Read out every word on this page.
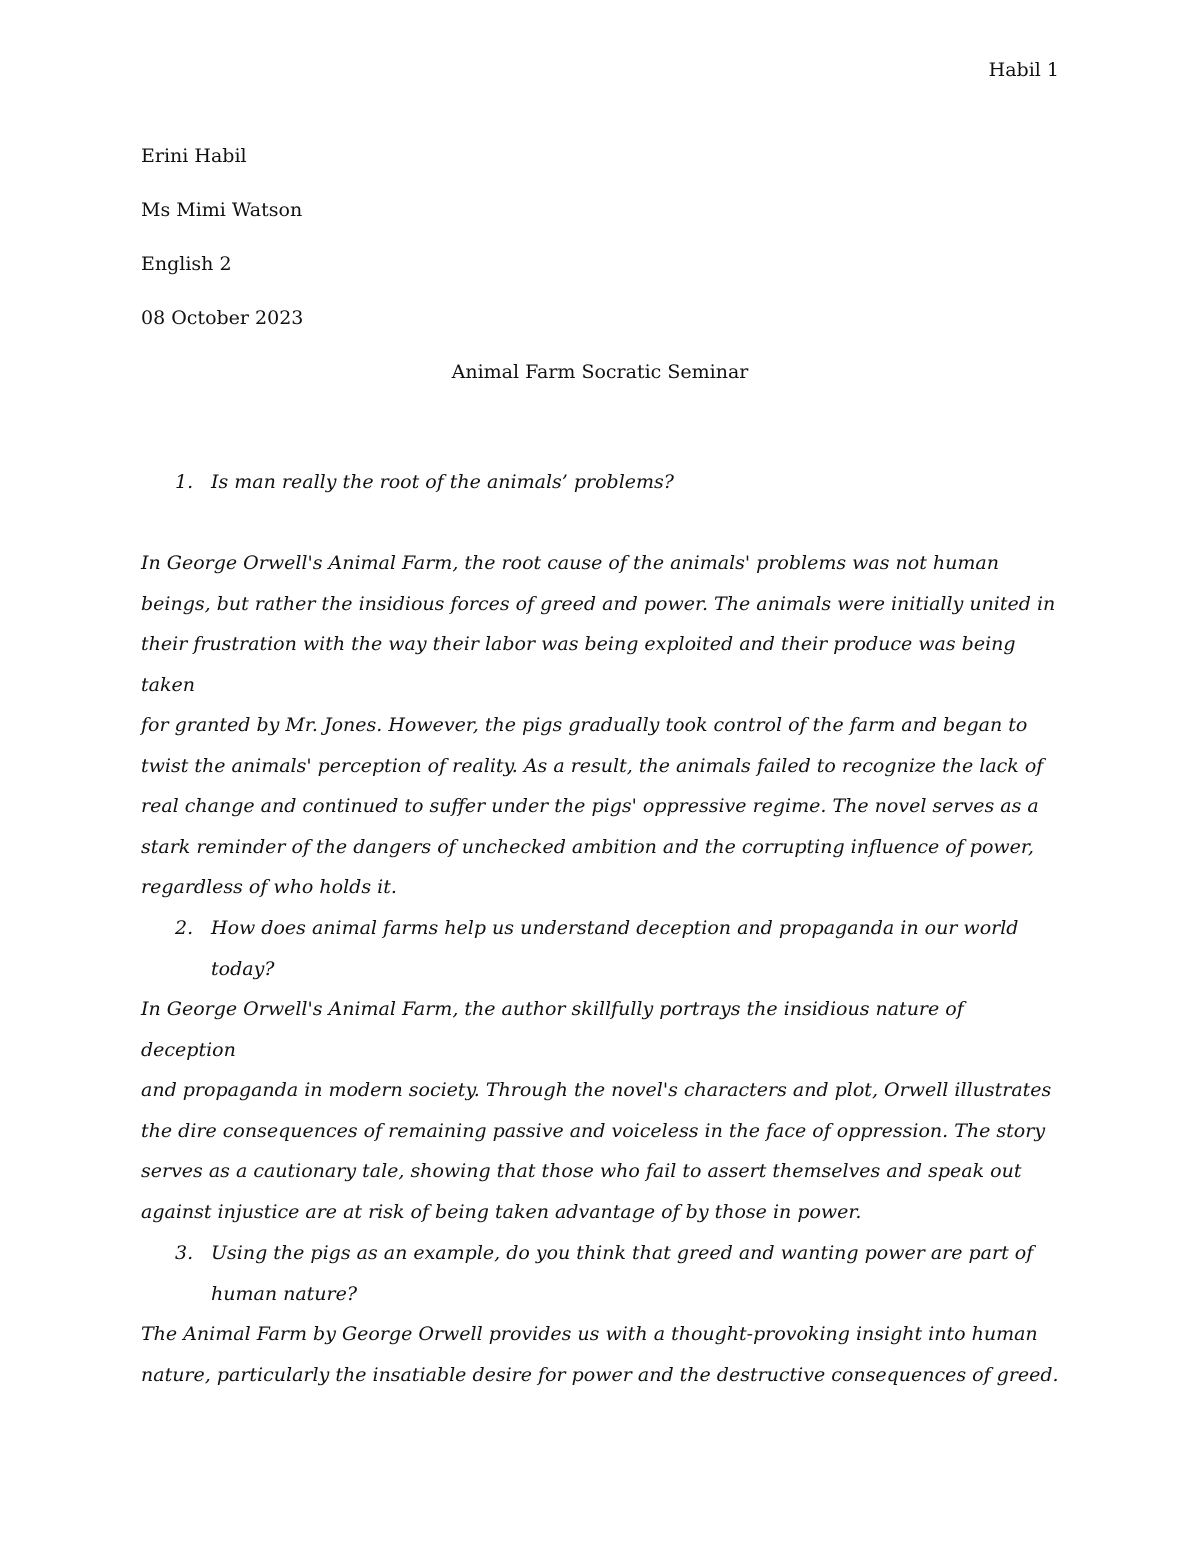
Habil 1
Erini Habil
Ms Mimi Watson
English 2
08 October 2023
Animal Farm Socratic Seminar
1. Is man really the root of the animals’ problems?
In George Orwell's Animal Farm, the root cause of the animals' problems was not human
beings, but rather the insidious forces of greed and power. The animals were initially united in
their frustration with the way their labor was being exploited and their produce was being taken
for granted by Mr. Jones. However, the pigs gradually took control of the farm and began to
twist the animals' perception of reality. As a result, the animals failed to recognize the lack of
real change and continued to suffer under the pigs' oppressive regime. The novel serves as a
stark reminder of the dangers of unchecked ambition and the corrupting influence of power,
regardless of who holds it.
2. How does animal farms help us understand deception and propaganda in our world
today?
In George Orwell's Animal Farm, the author skillfully portrays the insidious nature of deception
and propaganda in modern society. Through the novel's characters and plot, Orwell illustrates
the dire consequences of remaining passive and voiceless in the face of oppression. The story
serves as a cautionary tale, showing that those who fail to assert themselves and speak out
against injustice are at risk of being taken advantage of by those in power.
3. Using the pigs as an example, do you think that greed and wanting power are part of
human nature?
The Animal Farm by George Orwell provides us with a thought-provoking insight into human
nature, particularly the insatiable desire for power and the destructive consequences of greed.
